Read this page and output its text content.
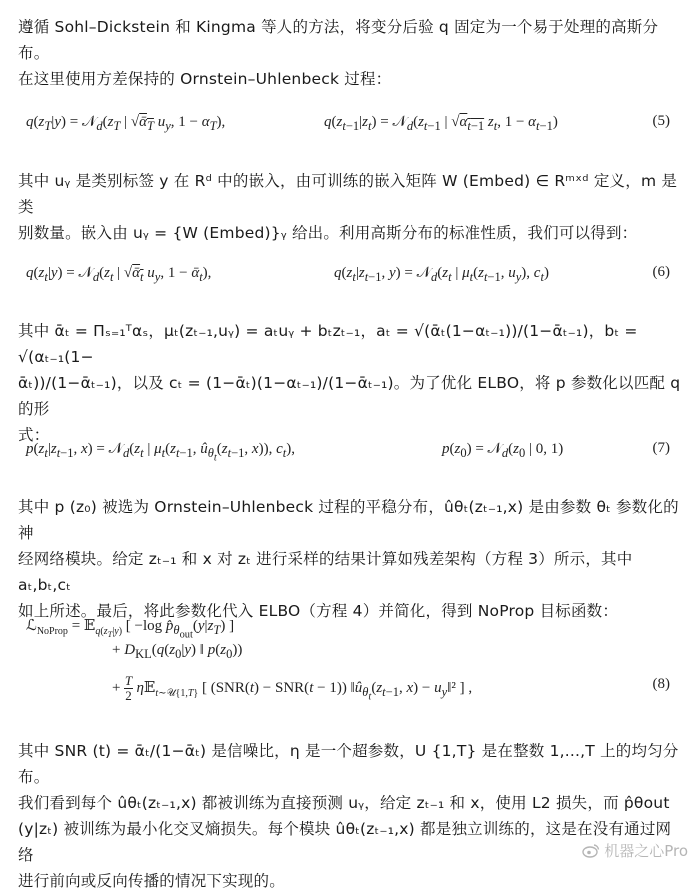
遵循 Sohl–Dickstein 和 Kingma 等人的方法，将变分后验 q 固定为一个易于处理的高斯分布。
在这里使用方差保持的 Ornstein–Uhlenbeck 过程：
$q(z_T|y)$ = $𝒩_d(z_T$ | √ᾱ$_T$ $u_y$, $1 - \alpha_T$),	$q(z_{t-1}|z_t)$ = $𝒩_d(z_{t-1}$ | $√\alpha_{t-1}$ $z_t$, $1 - \alpha_{t-1}$)	(5)
其中 uᵧ 是类别标签 y 在 Rᵈ 中的嵌入，由可训练的嵌入矩阵 W (Embed) ∈ Rᵐˣᵈ 定义，m 是类
别数量。嵌入由 uᵧ = {W (Embed)}ᵧ 给出。利用高斯分布的标准性质，我们可以得到：
$q(z_t|y)$ = $𝒩_d(z_t$ | √ᾱ$_t$ $u_y$, 1 − ᾱ$_t$),	$q(z_t|z_{t-1}$, $y) = 𝒩_d(z_t$ | $\mu_t(z_{t-1}$, $u_y$), $c_t$)	(6)
其中 ᾱₜ = Πₛ₌₁ᵀαₛ，μₜ(zₜ₋₁,uᵧ) = aₜuᵧ + bₜzₜ₋₁，aₜ = √(ᾱₜ(1−αₜ₋₁))/(1−ᾱₜ₋₁)，bₜ = √(αₜ₋₁(1−
ᾱₜ))/(1−ᾱₜ₋₁)，以及 cₜ = (1−ᾱₜ)(1−αₜ₋₁)/(1−ᾱₜ₋₁)。为了优化 ELBO，将 p 参数化以匹配 q 的形
式：
$p(z_t|z_{t-1}$, $x) = 𝒩_d(z_t$ | $\mu_t(z_{t-1}$, $û_{\theta_t}(z_{t-1}$, x)), $c_t$),	$p(z_0)$ = $𝒩_d(z_0$ | 0, 1)	(7)
其中 p (z₀) 被选为 Ornstein–Uhlenbeck 过程的平稳分布，ûθₜ(zₜ₋₁,x) 是由参数 θₜ 参数化的神
经网络模块。给定 zₜ₋₁ 和 x 对 zₜ 进行采样的结果计算如残差架构（方程 3）所示，其中 aₜ,bₜ,cₜ
如上所述。最后，将此参数化代入 ELBO（方程 4）并简化，得到 NoProp 目标函数：
ℒ$_{NoProp}$ = 𝔼$_{q(z_T|y)}$ [ −log $p̂_{\theta_{out}}(y|z_T)$ ]
+ $D_{KL}(q(z_0|y)$ ‖ $p(z_0)$)
+ $\frac{T}{2}$ η𝔼$_{t\sim 𝒰\{1,T\}}$ [ (SNR(t) − SNR(t − 1)) $‖û_{\theta_t}(z_{t-1}$, $x) - u_y‖^2$ ] ,	(8)
其中 SNR (t) = ᾱₜ/(1−ᾱₜ) 是信噪比，η 是一个超参数，U {1,T} 是在整数 1,...,T 上的均匀分布。
我们看到每个 ûθₜ(zₜ₋₁,x) 都被训练为直接预测 uᵧ，给定 zₜ₋₁ 和 x，使用 L2 损失，而 p̂θout
(y|zₜ) 被训练为最小化交叉熵损失。每个模块 ûθₜ(zₜ₋₁,x) 都是独立训练的，这是在没有通过网络
进行前向或反向传播的情况下实现的。
机器之心Pro
